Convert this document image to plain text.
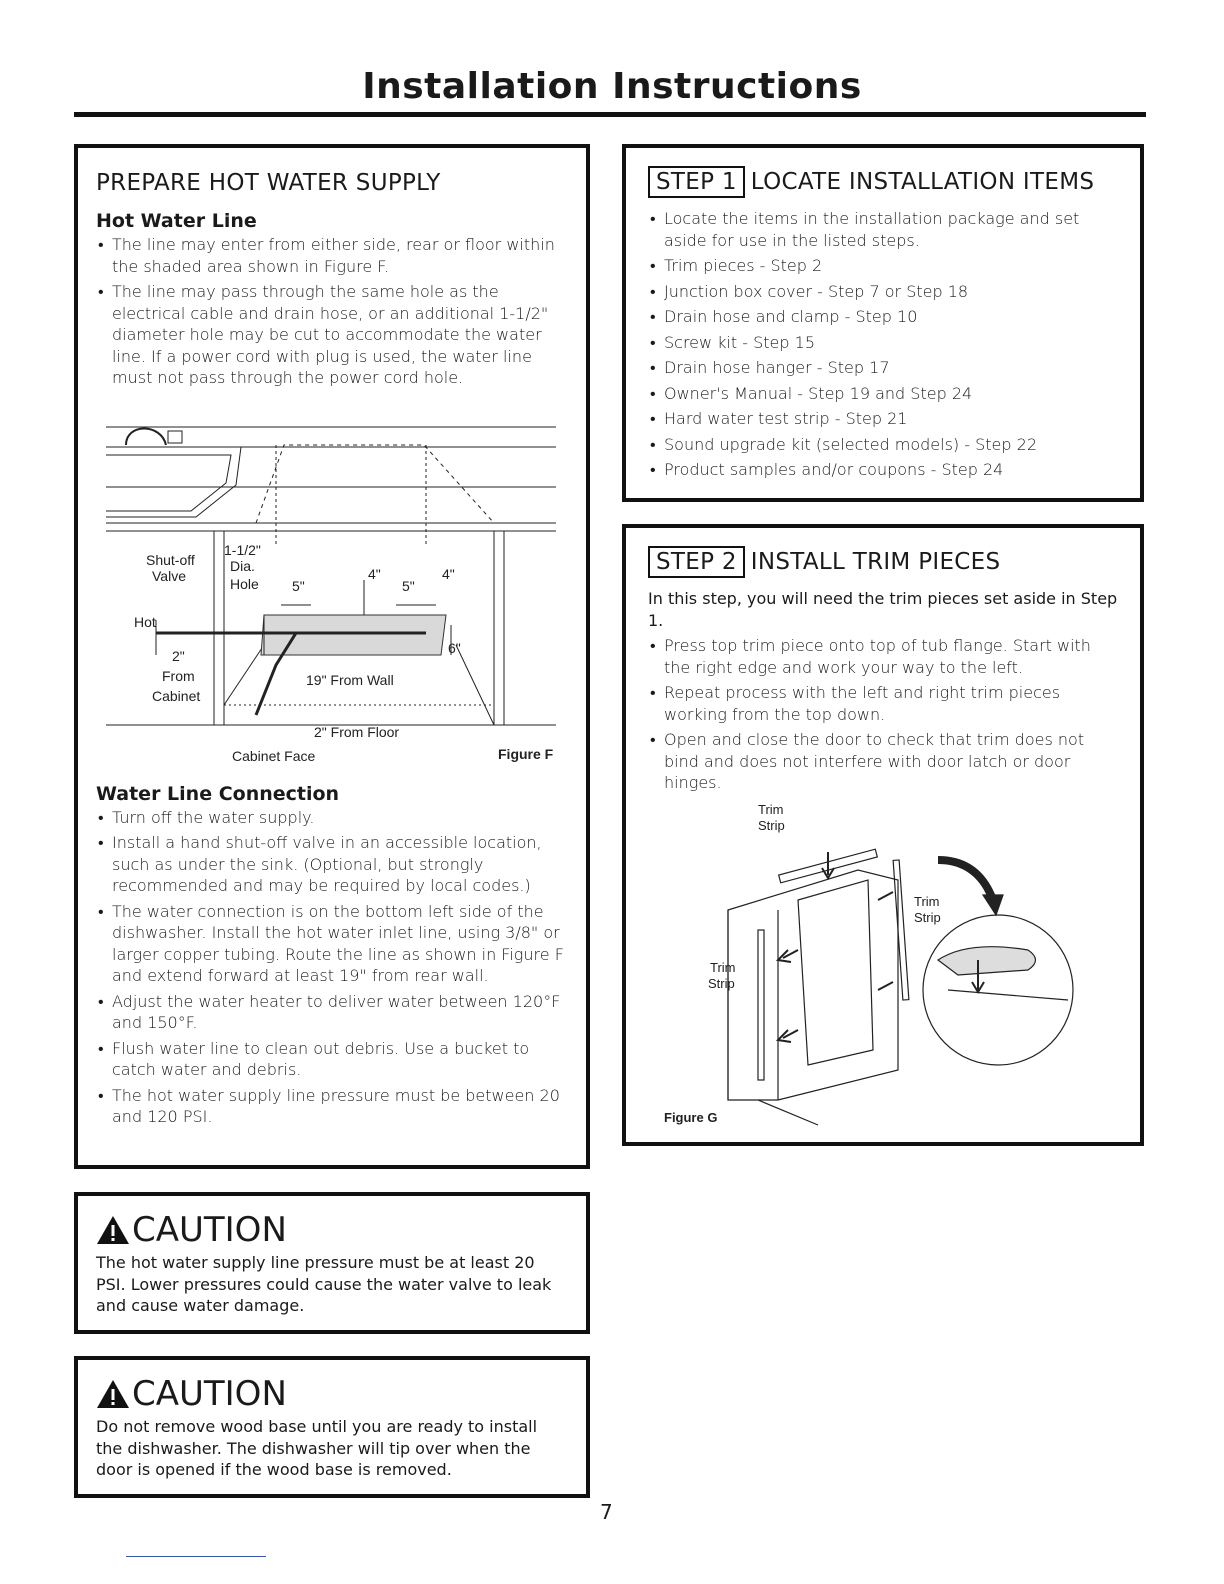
Installation Instructions
PREPARE HOT WATER SUPPLY
Hot Water Line
• The line may enter from either side, rear or floor within the shaded area shown in Figure F.
• The line may pass through the same hole as the electrical cable and drain hose, or an additional 1-1/2" diameter hole may be cut to accommodate the water line. If a power cord with plug is used, the water line must not pass through the power cord hole.
1-1/2"
Dia.
Hole
Shut-off
Valve
Hot
5"
4"
5"
4"
6"
2"
From
Cabinet
19" From Wall
2" From Floor
Cabinet Face	Figure F
Water Line Connection
• Turn off the water supply.
• Install a hand shut-off valve in an accessible location, such as under the sink. (Optional, but strongly recommended and may be required by local codes.)
• The water connection is on the bottom left side of the dishwasher. Install the hot water inlet line, using 3/8" or larger copper tubing. Route the line as shown in Figure F and extend forward at least 19" from rear wall.
• Adjust the water heater to deliver water between 120°F and 150°F.
• Flush water line to clean out debris. Use a bucket to catch water and debris.
• The hot water supply line pressure must be between 20 and 120 PSI.
CAUTION

The hot water supply line pressure must be at least 20 PSI. Lower pressures could cause the water valve to leak and cause water damage.

CAUTION

Do not remove wood base until you are ready to install the dishwasher. The dishwasher will tip over when the door is opened if the wood base is removed.

STEP 1 LOCATE INSTALLATION ITEMS
• Locate the items in the installation package and set aside for use in the listed steps.
• Trim pieces - Step 2
• Junction box cover - Step 7 or Step 18
• Drain hose and clamp - Step 10
• Screw kit - Step 15
• Drain hose hanger - Step 17
• Owner's Manual - Step 19 and Step 24
• Hard water test strip - Step 21
• Sound upgrade kit (selected models) - Step 22
• Product samples and/or coupons - Step 24
STEP 2 INSTALL TRIM PIECES

In this step, you will need the trim pieces set aside in Step 1.

• Press top trim piece onto top of tub flange. Start with the right edge and work your way to the left.
• Repeat process with the left and right trim pieces working from the top down.
• Open and close the door to check that trim does not bind and does not interfere with door latch or door hinges.
Trim
Strip
Trim
Strip
Trim
Strip
Figure G
7
